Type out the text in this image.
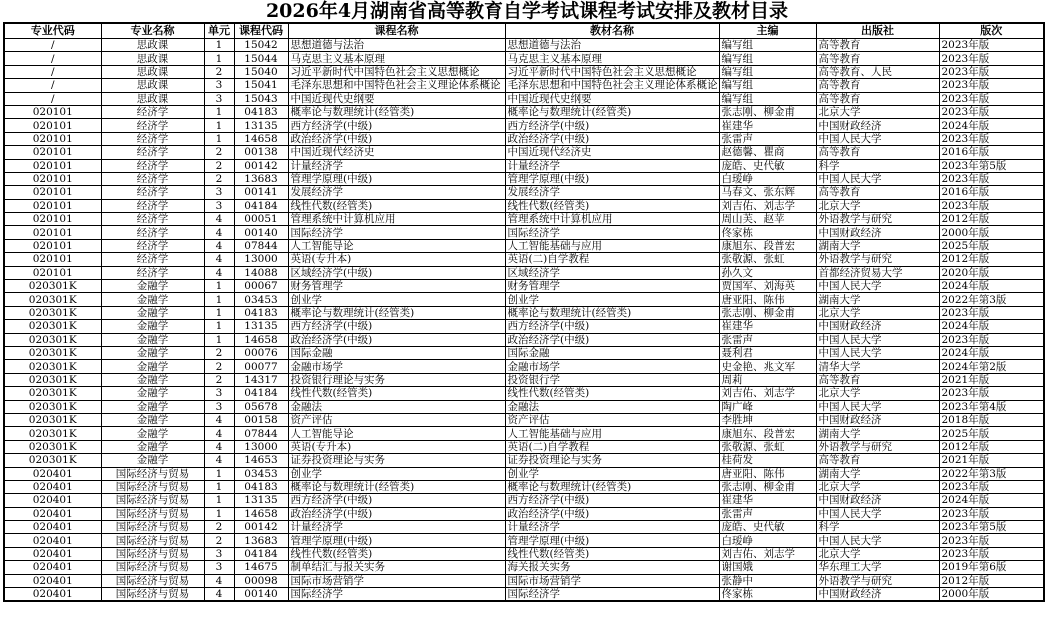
2026年4月湖南省高等教育自学考试课程考试安排及教材目录
专业代码	专业名称	单元	课程代码	课程名称	教材名称	主编	出版社	版次
/	思政课	1	15042	思想道德与法治	思想道德与法治	编写组	高等教育	2023年版
/	思政课	1	15044	马克思主义基本原理	马克思主义基本原理	编写组	高等教育	2023年版
/	思政课	2	15040	习近平新时代中国特色社会主义思想概论	习近平新时代中国特色社会主义思想概论	编写组	高等教育、人民	2023年版
/	思政课	3	15041	毛泽东思想和中国特色社会主义理论体系概论	毛泽东思想和中国特色社会主义理论体系概论	编写组	高等教育	2023年版
/	思政课	3	15043	中国近现代史纲要	中国近现代史纲要	编写组	高等教育	2023年版
020101	经济学	1	04183	概率论与数理统计(经管类)	概率论与数理统计(经管类)	张志刚、柳金甫	北京大学	2023年版
020101	经济学	1	13135	西方经济学(中级)	西方经济学(中级)	崔建华	中国财政经济	2024年版
020101	经济学	1	14658	政治经济学(中级)	政治经济学(中级)	张雷声	中国人民大学	2023年版
020101	经济学	2	00138	中国近现代经济史	中国近现代经济史	赵德馨、瞿商	高等教育	2016年版
020101	经济学	2	00142	计量经济学	计量经济学	庞皓、史代敏	科学	2023年第5版
020101	经济学	2	13683	管理学原理(中级)	管理学原理(中级)	白瑷峥	中国人民大学	2023年版
020101	经济学	3	00141	发展经济学	发展经济学	马春文、张东辉	高等教育	2016年版
020101	经济学	3	04184	线性代数(经管类)	线性代数(经管类)	刘吉佑、刘志学	北京大学	2023年版
020101	经济学	4	00051	管理系统中计算机应用	管理系统中计算机应用	周山芙、赵苹	外语教学与研究	2012年版
020101	经济学	4	00140	国际经济学	国际经济学	佟家栋	中国财政经济	2000年版
020101	经济学	4	07844	人工智能导论	人工智能基础与应用	康旭东、段普宏	湖南大学	2025年版
020101	经济学	4	13000	英语(专升本)	英语(二)自学教程	张敬源、张虹	外语教学与研究	2012年版
020101	经济学	4	14088	区域经济学(中级)	区域经济学	孙久文	首都经济贸易大学	2020年版
020301K	金融学	1	00067	财务管理学	财务管理学	贾国军、刘海英	中国人民大学	2024年版
020301K	金融学	1	03453	创业学	创业学	唐亚阳、陈伟	湖南大学	2022年第3版
020301K	金融学	1	04183	概率论与数理统计(经管类)	概率论与数理统计(经管类)	张志刚、柳金甫	北京大学	2023年版
020301K	金融学	1	13135	西方经济学(中级)	西方经济学(中级)	崔建华	中国财政经济	2024年版
020301K	金融学	1	14658	政治经济学(中级)	政治经济学(中级)	张雷声	中国人民大学	2023年版
020301K	金融学	2	00076	国际金融	国际金融	聂利君	中国人民大学	2024年版
020301K	金融学	2	00077	金融市场学	金融市场学	史金艳、兆文军	清华大学	2024年第2版
020301K	金融学	2	14317	投资银行理论与实务	投资银行学	周莉	高等教育	2021年版
020301K	金融学	3	04184	线性代数(经管类)	线性代数(经管类)	刘吉佑、刘志学	北京大学	2023年版
020301K	金融学	3	05678	金融法	金融法	陶广峰	中国人民大学	2023年第4版
020301K	金融学	4	00158	资产评估	资产评估	李胜坤	中国财政经济	2018年版
020301K	金融学	4	07844	人工智能导论	人工智能基础与应用	康旭东、段普宏	湖南大学	2025年版
020301K	金融学	4	13000	英语(专升本)	英语(二)自学教程	张敬源、张虹	外语教学与研究	2012年版
020301K	金融学	4	14653	证券投资理论与实务	证券投资理论与实务	桂荷发	高等教育	2021年版
020401	国际经济与贸易	1	03453	创业学	创业学	唐亚阳、陈伟	湖南大学	2022年第3版
020401	国际经济与贸易	1	04183	概率论与数理统计(经管类)	概率论与数理统计(经管类)	张志刚、柳金甫	北京大学	2023年版
020401	国际经济与贸易	1	13135	西方经济学(中级)	西方经济学(中级)	崔建华	中国财政经济	2024年版
020401	国际经济与贸易	1	14658	政治经济学(中级)	政治经济学(中级)	张雷声	中国人民大学	2023年版
020401	国际经济与贸易	2	00142	计量经济学	计量经济学	庞皓、史代敏	科学	2023年第5版
020401	国际经济与贸易	2	13683	管理学原理(中级)	管理学原理(中级)	白瑷峥	中国人民大学	2023年版
020401	国际经济与贸易	3	04184	线性代数(经管类)	线性代数(经管类)	刘吉佑、刘志学	北京大学	2023年版
020401	国际经济与贸易	3	14675	制单结汇与报关实务	海关报关实务	谢国娥	华东理工大学	2019年第6版
020401	国际经济与贸易	4	00098	国际市场营销学	国际市场营销学	张静中	外语教学与研究	2012年版
020401	国际经济与贸易	4	00140	国际经济学	国际经济学	佟家栋	中国财政经济	2000年版
